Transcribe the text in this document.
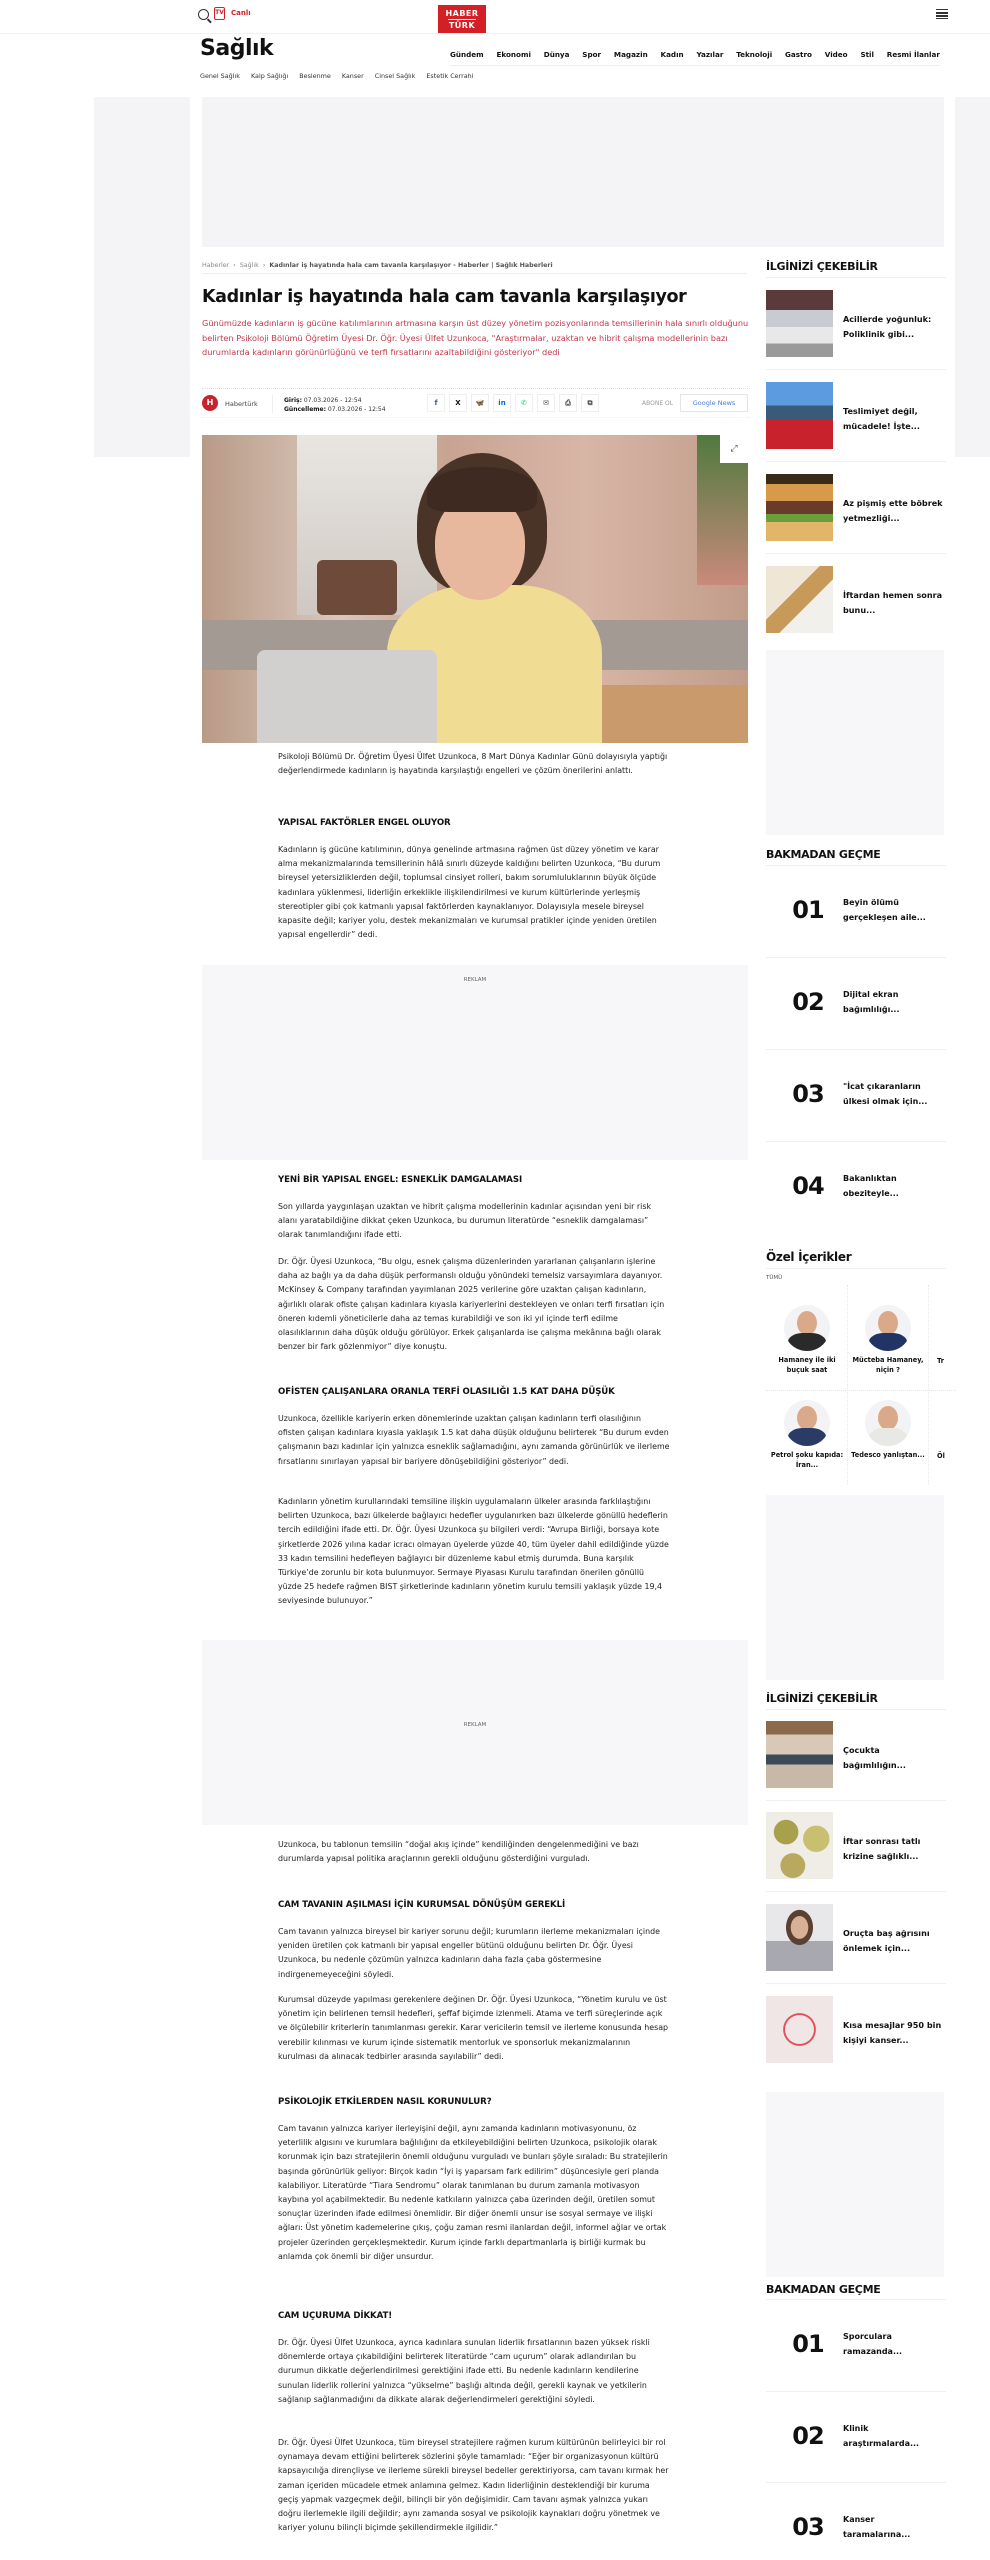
TV Canlı	HABER
TÜRK
Sağlık	Gündem Ekonomi Dünya Spor Magazin Kadın Yazılar Teknoloji Gastro Video Stil Resmi İlanlar
Genel Sağlık Kalp Sağlığı Beslenme Kanser Cinsel Sağlık Estetik Cerrahi
Haberler › Sağlık › Kadınlar iş hayatında hala cam tavanla karşılaşıyor - Haberler | Sağlık Haberleri
Kadınlar iş hayatında hala cam tavanla karşılaşıyor

Günümüzde kadınların iş gücüne katılımlarının artmasına karşın üst düzey yönetim pozisyonlarında temsillerinin hala sınırlı olduğunu belirten Psikoloji Bölümü Öğretim Üyesi Dr. Öğr. Üyesi Ülfet Uzunkoca, "Araştırmalar, uzaktan ve hibrit çalışma modellerinin bazı durumlarda kadınların görünürlüğünü ve terfi fırsatlarını azaltabildiğini gösteriyor" dedi

H	Habertürk	Giriş: 07.03.2026 - 12:54
Güncelleme: 07.03.2026 - 12:54
f	X	🦋	in	✆	✉	⎙	⧉	ABONE OL	Google News
⤢

Psikoloji Bölümü Dr. Öğretim Üyesi Ülfet Uzunkoca, 8 Mart Dünya Kadınlar Günü dolayısıyla yaptığı değerlendirmede kadınların iş hayatında karşılaştığı engelleri ve çözüm önerilerini anlattı.

YAPISAL FAKTÖRLER ENGEL OLUYOR

Kadınların iş gücüne katılımının, dünya genelinde artmasına rağmen üst düzey yönetim ve karar alma mekanizmalarında temsillerinin hâlâ sınırlı düzeyde kaldığını belirten Uzunkoca, “Bu durum bireysel yetersizliklerden değil, toplumsal cinsiyet rolleri, bakım sorumluluklarının büyük ölçüde kadınlara yüklenmesi, liderliğin erkeklikle ilişkilendirilmesi ve kurum kültürlerinde yerleşmiş stereotipler gibi çok katmanlı yapısal faktörlerden kaynaklanıyor. Dolayısıyla mesele bireysel kapasite değil; kariyer yolu, destek mekanizmaları ve kurumsal pratikler içinde yeniden üretilen yapısal engellerdir” dedi.

REKLAM
YENİ BİR YAPISAL ENGEL: ESNEKLİK DAMGALAMASI

Son yıllarda yaygınlaşan uzaktan ve hibrit çalışma modellerinin kadınlar açısından yeni bir risk alanı yaratabildiğine dikkat çeken Uzunkoca, bu durumun literatürde “esneklik damgalaması” olarak tanımlandığını ifade etti.

Dr. Öğr. Üyesi Uzunkoca, “Bu olgu, esnek çalışma düzenlerinden yararlanan çalışanların işlerine daha az bağlı ya da daha düşük performanslı olduğu yönündeki temelsiz varsayımlara dayanıyor. McKinsey & Company tarafından yayımlanan 2025 verilerine göre uzaktan çalışan kadınların, ağırlıklı olarak ofiste çalışan kadınlara kıyasla kariyerlerini destekleyen ve onları terfi fırsatları için öneren kıdemli yöneticilerle daha az temas kurabildiği ve son iki yıl içinde terfi edilme olasılıklarının daha düşük olduğu görülüyor. Erkek çalışanlarda ise çalışma mekânına bağlı olarak benzer bir fark gözlenmiyor” diye konuştu.

OFİSTEN ÇALIŞANLARA ORANLA TERFİ OLASILIĞI 1.5 KAT DAHA DÜŞÜK

Uzunkoca, özellikle kariyerin erken dönemlerinde uzaktan çalışan kadınların terfi olasılığının ofisten çalışan kadınlara kıyasla yaklaşık 1.5 kat daha düşük olduğunu belirterek “Bu durum evden çalışmanın bazı kadınlar için yalnızca esneklik sağlamadığını, aynı zamanda görünürlük ve ilerleme fırsatlarını sınırlayan yapısal bir bariyere dönüşebildiğini gösteriyor” dedi.

Kadınların yönetim kurullarındaki temsiline ilişkin uygulamaların ülkeler arasında farklılaştığını belirten Uzunkoca, bazı ülkelerde bağlayıcı hedefler uygulanırken bazı ülkelerde gönüllü hedeflerin tercih edildiğini ifade etti. Dr. Öğr. Üyesi Uzunkoca şu bilgileri verdi: “Avrupa Birliği, borsaya kote şirketlerde 2026 yılına kadar icracı olmayan üyelerde yüzde 40, tüm üyeler dahil edildiğinde yüzde 33 kadın temsilini hedefleyen bağlayıcı bir düzenleme kabul etmiş durumda. Buna karşılık Türkiye’de zorunlu bir kota bulunmuyor. Sermaye Piyasası Kurulu tarafından önerilen gönüllü yüzde 25 hedefe rağmen BIST şirketlerinde kadınların yönetim kurulu temsili yaklaşık yüzde 19,4 seviyesinde bulunuyor.”

REKLAM

Uzunkoca, bu tablonun temsilin “doğal akış içinde” kendiliğinden dengelenmediğini ve bazı durumlarda yapısal politika araçlarının gerekli olduğunu gösterdiğini vurguladı.

CAM TAVANIN AŞILMASI İÇİN KURUMSAL DÖNÜŞÜM GEREKLİ

Cam tavanın yalnızca bireysel bir kariyer sorunu değil; kurumların ilerleme mekanizmaları içinde yeniden üretilen çok katmanlı bir yapısal engeller bütünü olduğunu belirten Dr. Öğr. Üyesi Uzunkoca, bu nedenle çözümün yalnızca kadınların daha fazla çaba göstermesine indirgenemeyeceğini söyledi.

Kurumsal düzeyde yapılması gerekenlere değinen Dr. Öğr. Üyesi Uzunkoca, “Yönetim kurulu ve üst yönetim için belirlenen temsil hedefleri, şeffaf biçimde izlenmeli. Atama ve terfi süreçlerinde açık ve ölçülebilir kriterlerin tanımlanması gerekir. Karar vericilerin temsil ve ilerleme konusunda hesap verebilir kılınması ve kurum içinde sistematik mentorluk ve sponsorluk mekanizmalarının kurulması da alınacak tedbirler arasında sayılabilir” dedi.

PSİKOLOJİK ETKİLERDEN NASIL KORUNULUR?

Cam tavanın yalnızca kariyer ilerleyişini değil, aynı zamanda kadınların motivasyonunu, öz yeterlilik algısını ve kurumlara bağlılığını da etkileyebildiğini belirten Uzunkoca, psikolojik olarak korunmak için bazı stratejilerin önemli olduğunu vurguladı ve bunları şöyle sıraladı: Bu stratejilerin başında görünürlük geliyor: Birçok kadın “İyi iş yaparsam fark edilirim” düşüncesiyle geri planda kalabiliyor. Literatürde “Tiara Sendromu” olarak tanımlanan bu durum zamanla motivasyon kaybına yol açabilmektedir. Bu nedenle katkıların yalnızca çaba üzerinden değil, üretilen somut sonuçlar üzerinden ifade edilmesi önemlidir. Bir diğer önemli unsur ise sosyal sermaye ve ilişki ağları: Üst yönetim kademelerine çıkış, çoğu zaman resmi ilanlardan değil, informel ağlar ve ortak projeler üzerinden gerçekleşmektedir. Kurum içinde farklı departmanlarla iş birliği kurmak bu anlamda çok önemli bir diğer unsurdur.

CAM UÇURUMA DİKKAT!

Dr. Öğr. Üyesi Ülfet Uzunkoca, ayrıca kadınlara sunulan liderlik fırsatlarının bazen yüksek riskli dönemlerde ortaya çıkabildiğini belirterek literatürde “cam uçurum” olarak adlandırılan bu durumun dikkatle değerlendirilmesi gerektiğini ifade etti. Bu nedenle kadınların kendilerine sunulan liderlik rollerini yalnızca “yükselme” başlığı altında değil, gerekli kaynak ve yetkilerin sağlanıp sağlanmadığını da dikkate alarak değerlendirmeleri gerektiğini söyledi.

Dr. Öğr. Üyesi Ülfet Uzunkoca, tüm bireysel stratejilere rağmen kurum kültürünün belirleyici bir rol oynamaya devam ettiğini belirterek sözlerini şöyle tamamladı: “Eğer bir organizasyonun kültürü kapsayıcılığa dirençliyse ve ilerleme sürekli bireysel bedeller gerektiriyorsa, cam tavanı kırmak her zaman içeriden mücadele etmek anlamına gelmez. Kadın liderliğinin desteklendiği bir kuruma geçiş yapmak vazgeçmek değil, bilinçli bir yön değişimidir. Cam tavanı aşmak yalnızca yukarı doğru ilerlemekle ilgili değildir; aynı zamanda sosyal ve psikolojik kaynakları doğru yönetmek ve kariyer yolunu bilinçli biçimde şekillendirmekle ilgilidir.”

İLGİNİZİ ÇEKEBİLİR
Acillerde yoğunluk: Poliklinik gibi...
Teslimiyet değil, mücadele! İşte...
Az pişmiş ette böbrek yetmezliği...
İftardan hemen sonra bunu...
BAKMADAN GEÇME
01	Beyin ölümü gerçekleşen aile...
02	Dijital ekran bağımlılığı...
03	"İcat çıkaranların ülkesi olmak için...
04	Bakanlıktan obeziteyle...
Özel İçerikler
TÜMÜ
Hamaney ile iki buçuk saat
Mücteba Hamaney, niçin ?
Tr
Petrol şoku kapıda: İran...
Tedesco yanlıştan...	Öl
İLGİNİZİ ÇEKEBİLİR
Çocukta bağımlılığın...
İftar sonrası tatlı krizine sağlıklı...
Oruçta baş ağrısını önlemek için...
Kısa mesajlar 950 bin kişiyi kanser...
BAKMADAN GEÇME
01	Sporculara ramazanda...
02	Klinik araştırmalarda...
03	Kanser taramalarına...
